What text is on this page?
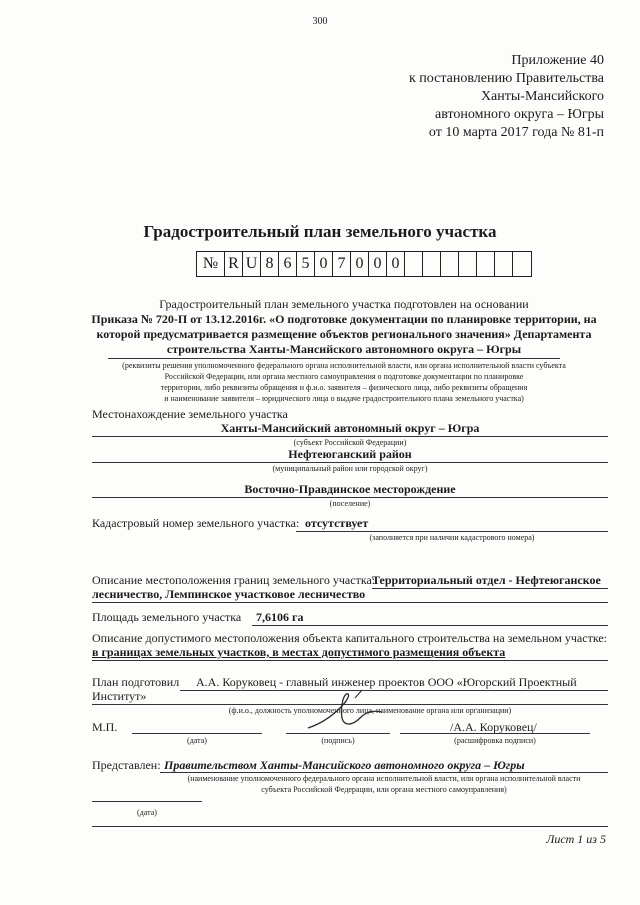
300
Приложение 40
к постановлению Правительства
Ханты-Мансийского
автономного округа – Югры
от 10 марта 2017 года № 81-п
Градостроительный план земельного участка
№ R U 8 6 5 0 7 0 0 0
Градостроительный план земельного участка подготовлен на основании
Приказа № 720-П от 13.12.2016г. «О подготовке документации по планировке территории, на
которой предусматривается размещение объектов регионального значения» Департамента
строительства Ханты-Мансийского автономного округа – Югры
(реквизиты решения уполномоченного федерального органа исполнительной власти, или органа исполнительной власти субъекта
Российской Федерации, или органа местного самоуправления о подготовке документации по планировке
территории, либо реквизиты обращения и ф.и.о. заявителя – физического лица, либо реквизиты обращения
и наименование заявителя – юридического лица о выдаче градостроительного плана земельного участка)
Местонахождение земельного участка
Ханты-Мансийский автономный округ – Югра
(субъект Российской Федерации)
Нефтеюганский район
(муниципальный район или городской округ)
Восточно-Правдинское месторождение
(поселение)
Кадастровый номер земельного участка: отсутствует
(заполняется при наличии кадастрового номера)
Описание местоположения границ земельного участка:
Территориальный отдел - Нефтеюганское
лесничество, Лемпинское участковое лесничество
Площадь земельного участка 7,6106 га
Описание допустимого местоположения объекта капитального строительства на земельном участке:
в границах земельных участков, в местах допустимого размещения объекта
План подготовил А.А. Коруковец - главный инженер проектов ООО «Югорский Проектный
Институт»
(ф.и.о., должность уполномоченного лица, наименование органа или организации)
М.П.
(дата)	(подпись)
/А.А. Коруковец/
(расшифровка подписи)
Представлен: Правительством Ханты-Мансийского автономного округа – Югры
(наименование уполномоченного федерального органа исполнительной власти, или органа исполнительной власти
субъекта Российской Федерации, или органа местного самоуправления)
(дата)
Лист 1 из 5
